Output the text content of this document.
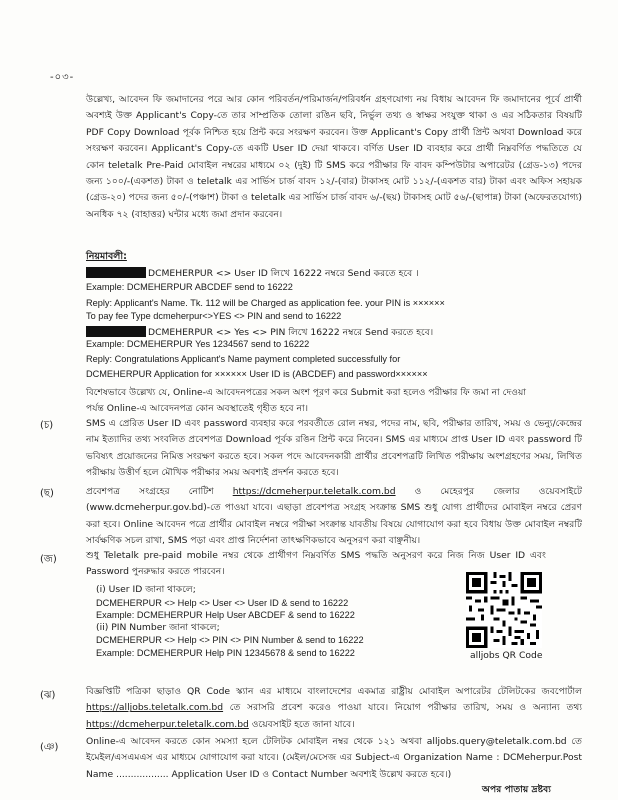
-০৩-

উল্লেখ্য, আবেদন ফি জমাদানের পরে আর কোন পরিবর্তন/পরিমার্জন/পরিবর্ধন গ্রহণযোগ্য নয় বিধায় আবেদন ফি জমাদানের পূর্বে প্রার্থী অবশ্যই উক্ত Applicant's Copy-তে তার সাম্প্রতিক তোলা রঙিন ছবি, নির্ভুল তথ্য ও স্বাক্ষর সংযুক্ত থাকা ও এর সঠিকতার বিষয়টি PDF Copy Download পূর্বক নিশ্চিত হয়ে প্রিন্ট করে সংরক্ষণ করবেন। উক্ত Applicant's Copy প্রার্থী প্রিন্ট অথবা Download করে সংরক্ষণ করবেন। Applicant's Copy-তে একটি User ID দেয়া থাকবে। বর্ণিত User ID ব্যবহার করে প্রার্থী নিম্নবর্ণিত পদ্ধতিতে যে কোন teletalk Pre-Paid মোবাইল নম্বরের মাধ্যমে ০২ (দুই) টি SMS করে পরীক্ষার ফি বাবদ কম্পিউটার অপারেটর (গ্রেড-১৩) পদের জন্য ১০০/-(একশত) টাকা ও teletalk এর সার্ভিস চার্জ বাবদ ১২/-(বার) টাকাসহ মোট ১১২/-(একশত বার) টাকা এবং অফিস সহায়ক (গ্রেড-২০) পদের জন্য ৫০/-(পঞ্চাশ) টাকা ও teletalk এর সার্ভিস চার্জ বাবদ ৬/-(ছয়) টাকাসহ মোট ৫৬/-(ছাপান্ন) টাকা (অফেরতযোগ্য) অনধিক ৭২ (বাহাত্তর) ঘন্টার মধ্যে জমা প্রদান করবেন।

নিয়মাবলী:
DCMEHERPUR <> User ID লিখে 16222 নম্বরে Send করতে হবে ।
Example: DCMEHERPUR ABCDEF send to 16222
Reply: Applicant's Name. Tk. 112 will be Charged as application fee. your PIN is ××××××
To pay fee Type dcmeherpur<>YES <> PIN and send to 16222
DCMEHERPUR <> Yes <> PIN লিখে 16222 নম্বরে Send করতে হবে।
Example: DCMEHERPUR Yes 1234567 send to 16222
Reply: Congratulations Applicant's Name payment completed successfully for
DCMEHERPUR Application for ×××××× User ID is (ABCDEF) and password××××××
বিশেষভাবে উল্লেখ্য যে, Online-এ আবেদনপত্রের সকল অংশ পূরণ করে Submit করা হলেও পরীক্ষার ফি জমা না দেওয়া
পর্যন্ত Online-এ আবেদনপত্র কোন অবস্থাতেই গৃহীত হবে না।
(চ)	SMS এ প্রেরিত User ID এবং password ব্যবহার করে পরবর্তীতে রোল নম্বর, পদের নাম, ছবি, পরীক্ষার তারিখ, সময় ও ভেন্যু/কেন্দ্রের নাম ইত্যাদির তথ্য সংবলিত প্রবেশপত্র Download পূর্বক রঙিন প্রিন্ট করে নিবেন। SMS এর মাধ্যমে প্রাপ্ত User ID এবং password টি ভবিষ্যৎ প্রয়োজনের নিমিত্ত সংরক্ষণ করতে হবে। সকল পদে আবেদনকারী প্রার্থীর প্রবেশপত্রটি লিখিত পরীক্ষায় অংশগ্রহণের সময়, লিখিত পরীক্ষায় উত্তীর্ণ হলে মৌখিক পরীক্ষার সময় অবশ্যই প্রদর্শন করতে হবে।
(ছ)	প্রবেশপত্র সংগ্রহের নোটিশ https://dcmeherpur.teletalk.com.bd ও মেহেরপুর জেলার ওয়েবসাইটে (www.dcmeherpur.gov.bd)-তে পাওয়া যাবে। এছাড়া প্রবেশপত্র সংগ্রহ সংক্রান্ত SMS শুধু যোগ্য প্রার্থীদের মোবাইল নম্বরে প্রেরণ করা হবে। Online আবেদন পত্রে প্রার্থীর মোবাইল নম্বরে পরীক্ষা সংক্রান্ত যাবতীয় বিষয়ে যোগাযোগ করা হবে বিধায় উক্ত মোবাইল নম্বরটি সার্বক্ষণিক সচল রাখা, SMS পড়া এবং প্রাপ্ত নির্দেশনা তাৎক্ষণিকভাবে অনুসরণ করা বাঞ্ছনীয়।
(জ)	শুধু Teletalk pre-paid mobile নম্বর থেকে প্রার্থীগণ নিম্নবর্ণিত SMS পদ্ধতি অনুসরণ করে নিজ নিজ User ID এবং Password পুনরুদ্ধার করতে পারবেন।
(i) User ID জানা থাকলে;
DCMEHERPUR <> Help <> User <> User ID & send to 16222
Example: DCMEHERPUR Help User ABCDEF & send to 16222
(ii) PIN Number জানা থাকলে;
DCMEHERPUR <> Help <> PIN <> PIN Number & send to 16222
Example: DCMEHERPUR Help PIN 12345678 & send to 16222	alljobs QR Code
(ঝ)	বিজ্ঞপ্তিটি পত্রিকা ছাড়াও QR Code স্ক্যান এর মাধ্যমে বাংলাদেশের একমাত্র রাষ্ট্রীয় মোবাইল অপারেটর টেলিটকের জবপোর্টাল https://alljobs.teletalk.com.bd তে সরাসরি প্রবেশ করেও পাওয়া যাবে। নিয়োগ পরীক্ষার তারিখ, সময় ও অন্যান্য তথ্য https://dcmeherpur.teletalk.com.bd ওয়েবসাইট হতে জানা যাবে।
(ঞ)
Online-এ আবেদন করতে কোন সমস্যা হলে টেলিটক মোবাইল নম্বর থেকে ১২১ অথবা alljobs.query@teletalk.com.bd তে ইমেইল/এসএমএস এর মাধ্যমে যোগাযোগ করা যাবে। (মেইল/মেসেজ এর Subject-এ Organization Name : DCMeherpur.Post Name .................. Application User ID ও Contact Number অবশ্যই উল্লেখ করতে হবে।)
অপর পাতায় দ্রষ্টব্য
